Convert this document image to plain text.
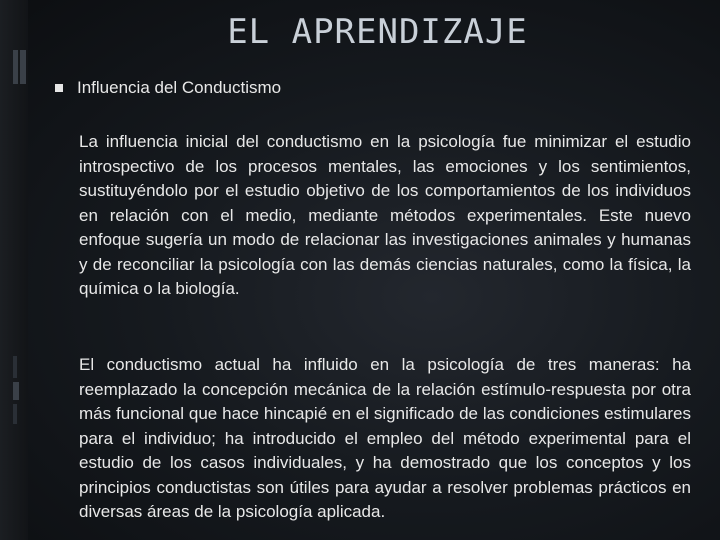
EL APRENDIZAJE
Influencia del Conductismo

La influencia inicial del conductismo en la psicología fue minimizar el estudio introspectivo de los procesos mentales, las emociones y los sentimientos, sustituyéndolo por el estudio objetivo de los comportamientos de los individuos en relación con el medio, mediante métodos experimentales. Este nuevo enfoque sugería un modo de relacionar las investigaciones animales y humanas y de reconciliar la psicología con las demás ciencias naturales, como la física, la química o la biología.

El conductismo actual ha influido en la psicología de tres maneras: ha reemplazado la concepción mecánica de la relación estímulo-respuesta por otra más funcional que hace hincapié en el significado de las condiciones estimulares para el individuo; ha introducido el empleo del método experimental para el estudio de los casos individuales, y ha demostrado que los conceptos y los principios conductistas son útiles para ayudar a resolver problemas prácticos en diversas áreas de la psicología aplicada.
